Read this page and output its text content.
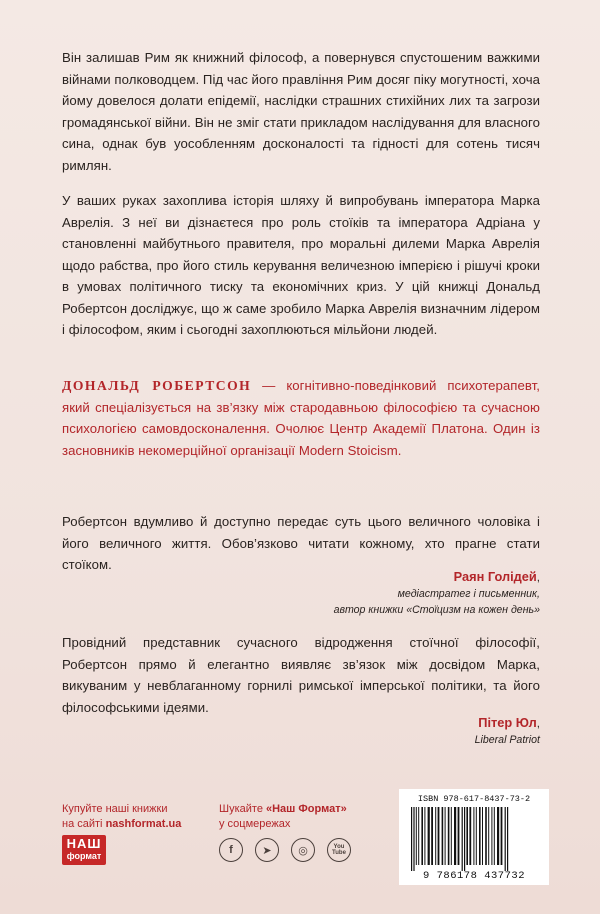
Він залишав Рим як книжний філософ, а повернувся спустошеним важкими війнами полководцем. Під час його правління Рим досяг піку могутності, хоча йому довелося долати епідемії, наслідки страшних стихійних лих та загрози громадянської війни. Він не зміг стати прикладом наслідування для власного сина, однак був уособленням досконалості та гідності для сотень тисяч римлян.
У ваших руках захоплива історія шляху й випробувань імператора Марка Аврелія. З неї ви дізнаєтеся про роль стоїків та імператора Адріана у становленні майбутнього правителя, про моральні дилеми Марка Аврелія щодо рабства, про його стиль керування величезною імперією і рішучі кроки в умовах політичного тиску та економічних криз. У цій книжці Дональд Робертсон досліджує, що ж саме зробило Марка Аврелія визначним лідером і філософом, яким і сьогодні захоплюються мільйони людей.
ДОНАЛЬД РОБЕРТСОН — когнітивно-поведінковий психотерапевт, який спеціалізується на зв’язку між стародавньою філософією та сучасною психологією самовдосконалення. Очолює Центр Академії Платона. Один із засновників некомерційної організації Modern Stoicism.
Робертсон вдумливо й доступно передає суть цього величного чоловіка і його величного життя. Обов’язково читати кожному, хто прагне стати стоїком.
Раян Голідей,
медіастратег і письменник,
автор книжки «Стоїцизм на кожен день»
Провідний представник сучасного відродження стоїчної філософії, Робертсон прямо й елегантно виявляє зв’язок між досвідом Марка, викуваним у невблаганному горнилі римської імперської політики, та його філософськими ідеями.
Пітер Юл,
Liberal Patriot
Купуйте наші книжки
на сайті nashformat.ua
НАШ
формат
Шукайте «Наш Формат»
у соцмережах
f	➤	◎	You Tube
ISBN 978-617-8437-73-2
9 786178 437732
